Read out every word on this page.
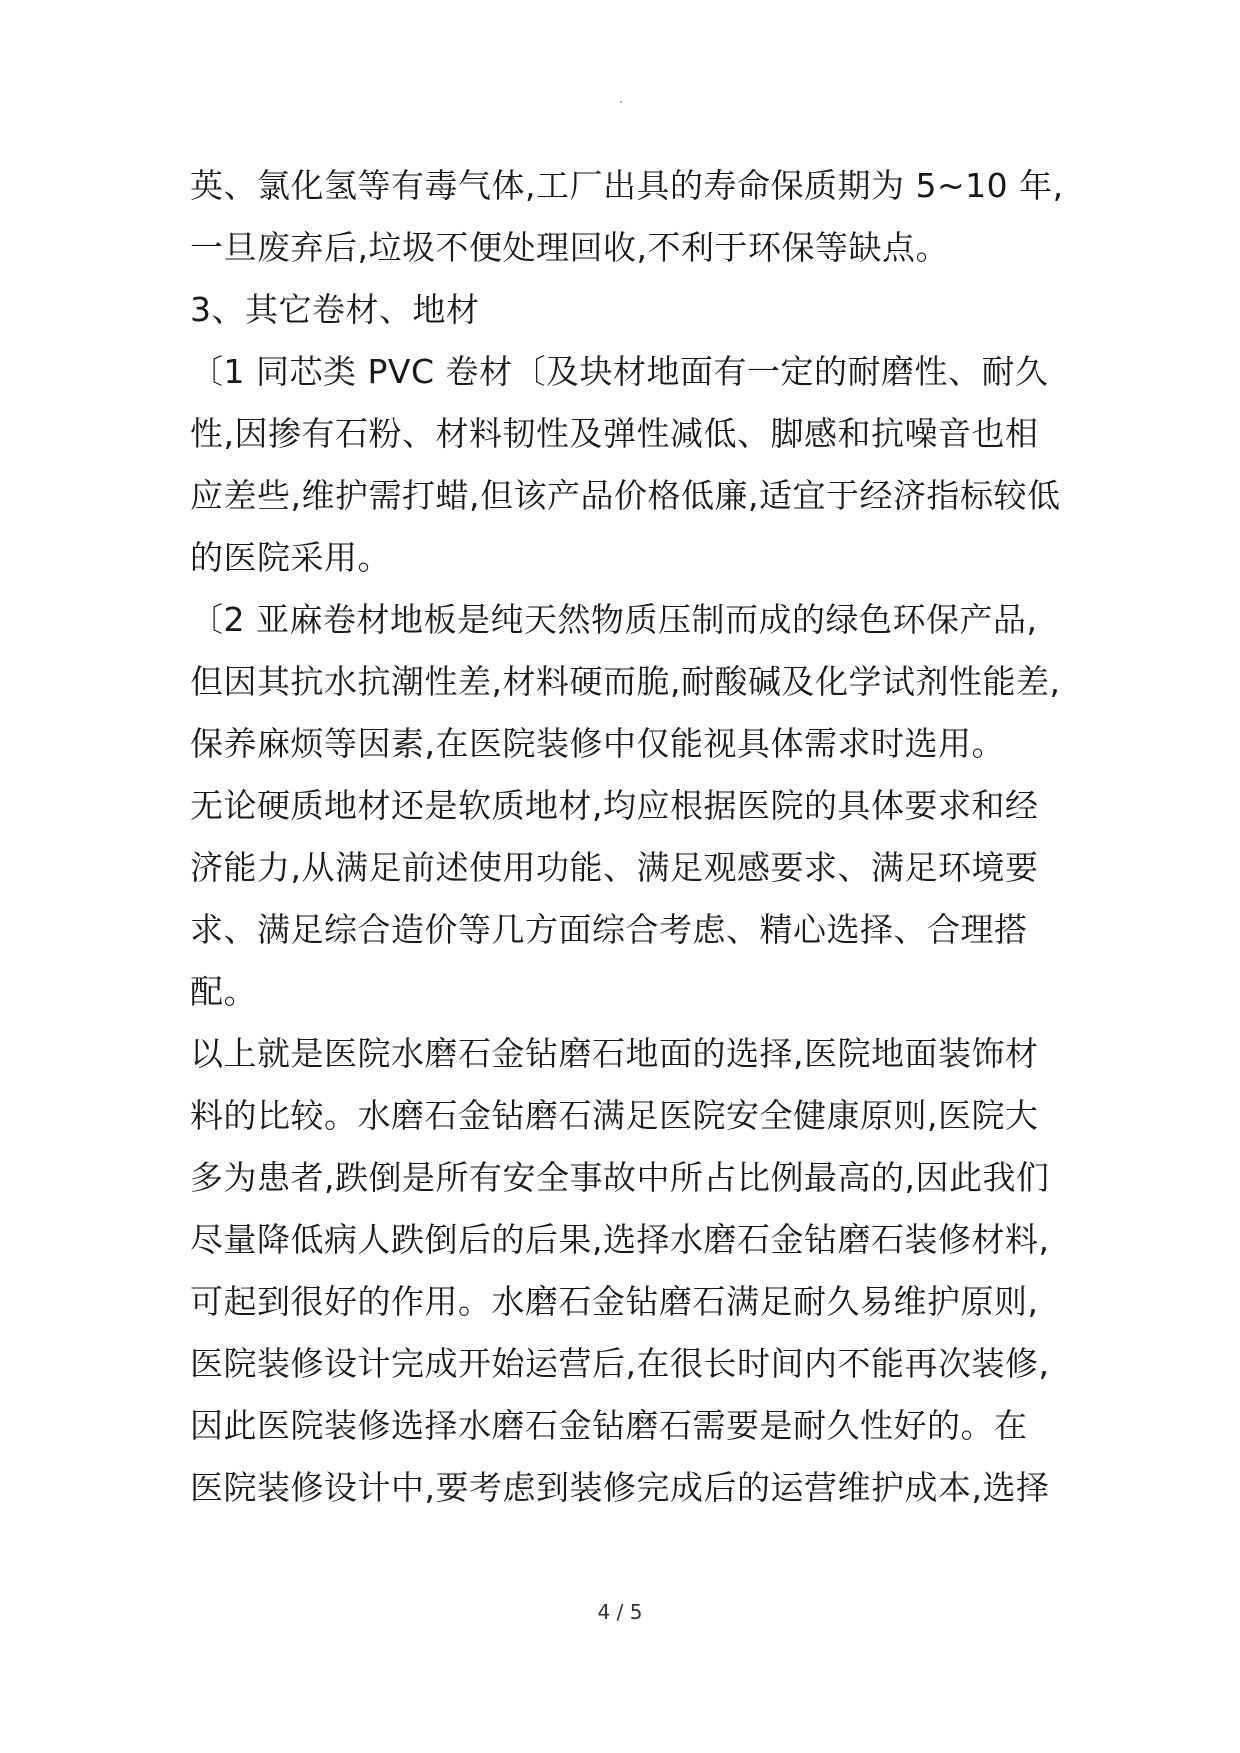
·
英、氯化氢等有毒气体,工厂出具的寿命保质期为 5~10 年,
一旦废弃后,垃圾不便处理回收,不利于环保等缺点。
3、其它卷材、地材
〔1 同芯类 PVC 卷材〔及块材地面有一定的耐磨性、耐久
性,因掺有石粉、材料韧性及弹性减低、脚感和抗噪音也相
应差些,维护需打蜡,但该产品价格低廉,适宜于经济指标较低
的医院采用。
〔2 亚麻卷材地板是纯天然物质压制而成的绿色环保产品,
但因其抗水抗潮性差,材料硬而脆,耐酸碱及化学试剂性能差,
保养麻烦等因素,在医院装修中仅能视具体需求时选用。
无论硬质地材还是软质地材,均应根据医院的具体要求和经
济能力,从满足前述使用功能、满足观感要求、满足环境要
求、满足综合造价等几方面综合考虑、精心选择、合理搭
配。
以上就是医院水磨石金钻磨石地面的选择,医院地面装饰材
料的比较。水磨石金钻磨石满足医院安全健康原则,医院大
多为患者,跌倒是所有安全事故中所占比例最高的,因此我们
尽量降低病人跌倒后的后果,选择水磨石金钻磨石装修材料,
可起到很好的作用。水磨石金钻磨石满足耐久易维护原则,
医院装修设计完成开始运营后,在很长时间内不能再次装修,
因此医院装修选择水磨石金钻磨石需要是耐久性好的。在
医院装修设计中,要考虑到装修完成后的运营维护成本,选择
4 / 5
